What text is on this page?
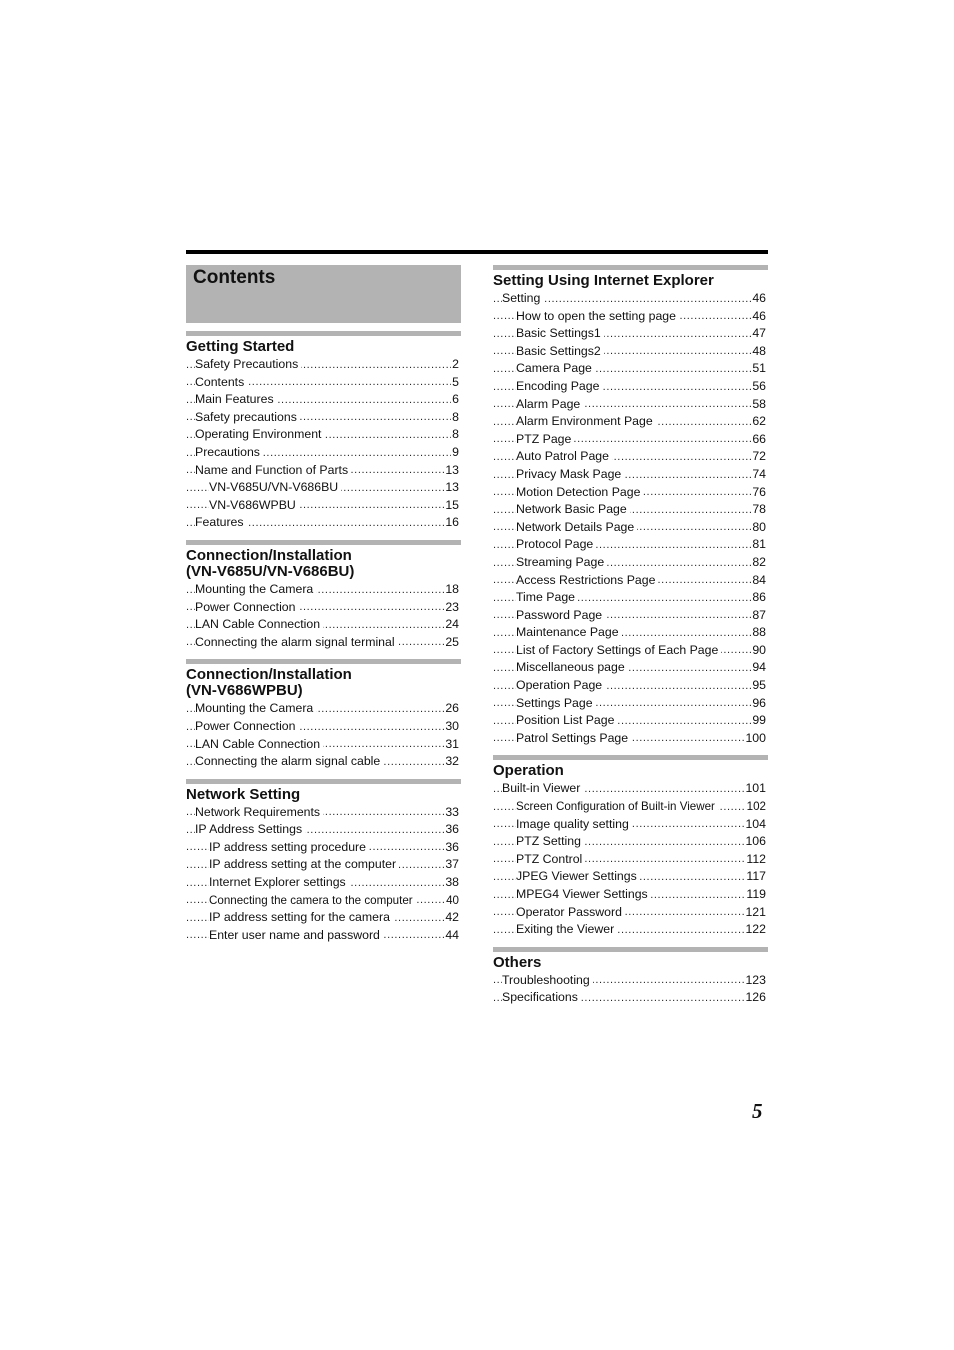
Contents
Getting Started
..... Safety Precautions	2
..... Contents	5
..... Main Features	6
..... Safety precautions	8
..... Operating Environment	8
..... Precautions	9
..... Name and Function of Parts	13
..... VN-V685U/VN-V686BU	13
..... VN-V686WPBU	15
..... Features	16
Connection/Installation
(VN-V685U/VN-V686BU)
..... Mounting the Camera	18
..... Power Connection	23
..... LAN Cable Connection	24
..... Connecting the alarm signal terminal	25
Connection/Installation
(VN-V686WPBU)
..... Mounting the Camera	26
..... Power Connection	30
..... LAN Cable Connection	31
..... Connecting the alarm signal cable	32
Network Setting
..... Network Requirements	33
..... IP Address Settings	36
..... IP address setting procedure	36
..... IP address setting at the computer	37
..... Internet Explorer settings	38
..... Connecting the camera to the computer	40
..... IP address setting for the camera	42
..... Enter user name and password	44
Setting Using Internet Explorer
..... Setting	46
..... How to open the setting page	46
..... Basic Settings1	47
..... Basic Settings2	48
..... Camera Page	51
..... Encoding Page	56
..... Alarm Page	58
..... Alarm Environment Page	62
..... PTZ Page	66
..... Auto Patrol Page	72
..... Privacy Mask Page	74
..... Motion Detection Page	76
..... Network Basic Page	78
..... Network Details Page	80
..... Protocol Page	81
..... Streaming Page	82
..... Access Restrictions Page	84
..... Time Page	86
..... Password Page	87
..... Maintenance Page	88
..... List of Factory Settings of Each Page	90
..... Miscellaneous page	94
..... Operation Page	95
..... Settings Page	96
..... Position List Page	99
..... Patrol Settings Page	100
Operation
..... Built-in Viewer	101
..... Screen Configuration of Built-in Viewer	102
..... Image quality setting	104
..... PTZ Setting	106
..... PTZ Control	112
..... JPEG Viewer Settings	117
..... MPEG4 Viewer Settings	119
..... Operator Password	121
..... Exiting the Viewer	122
Others
..... Troubleshooting	123
..... Specifications	126
5
